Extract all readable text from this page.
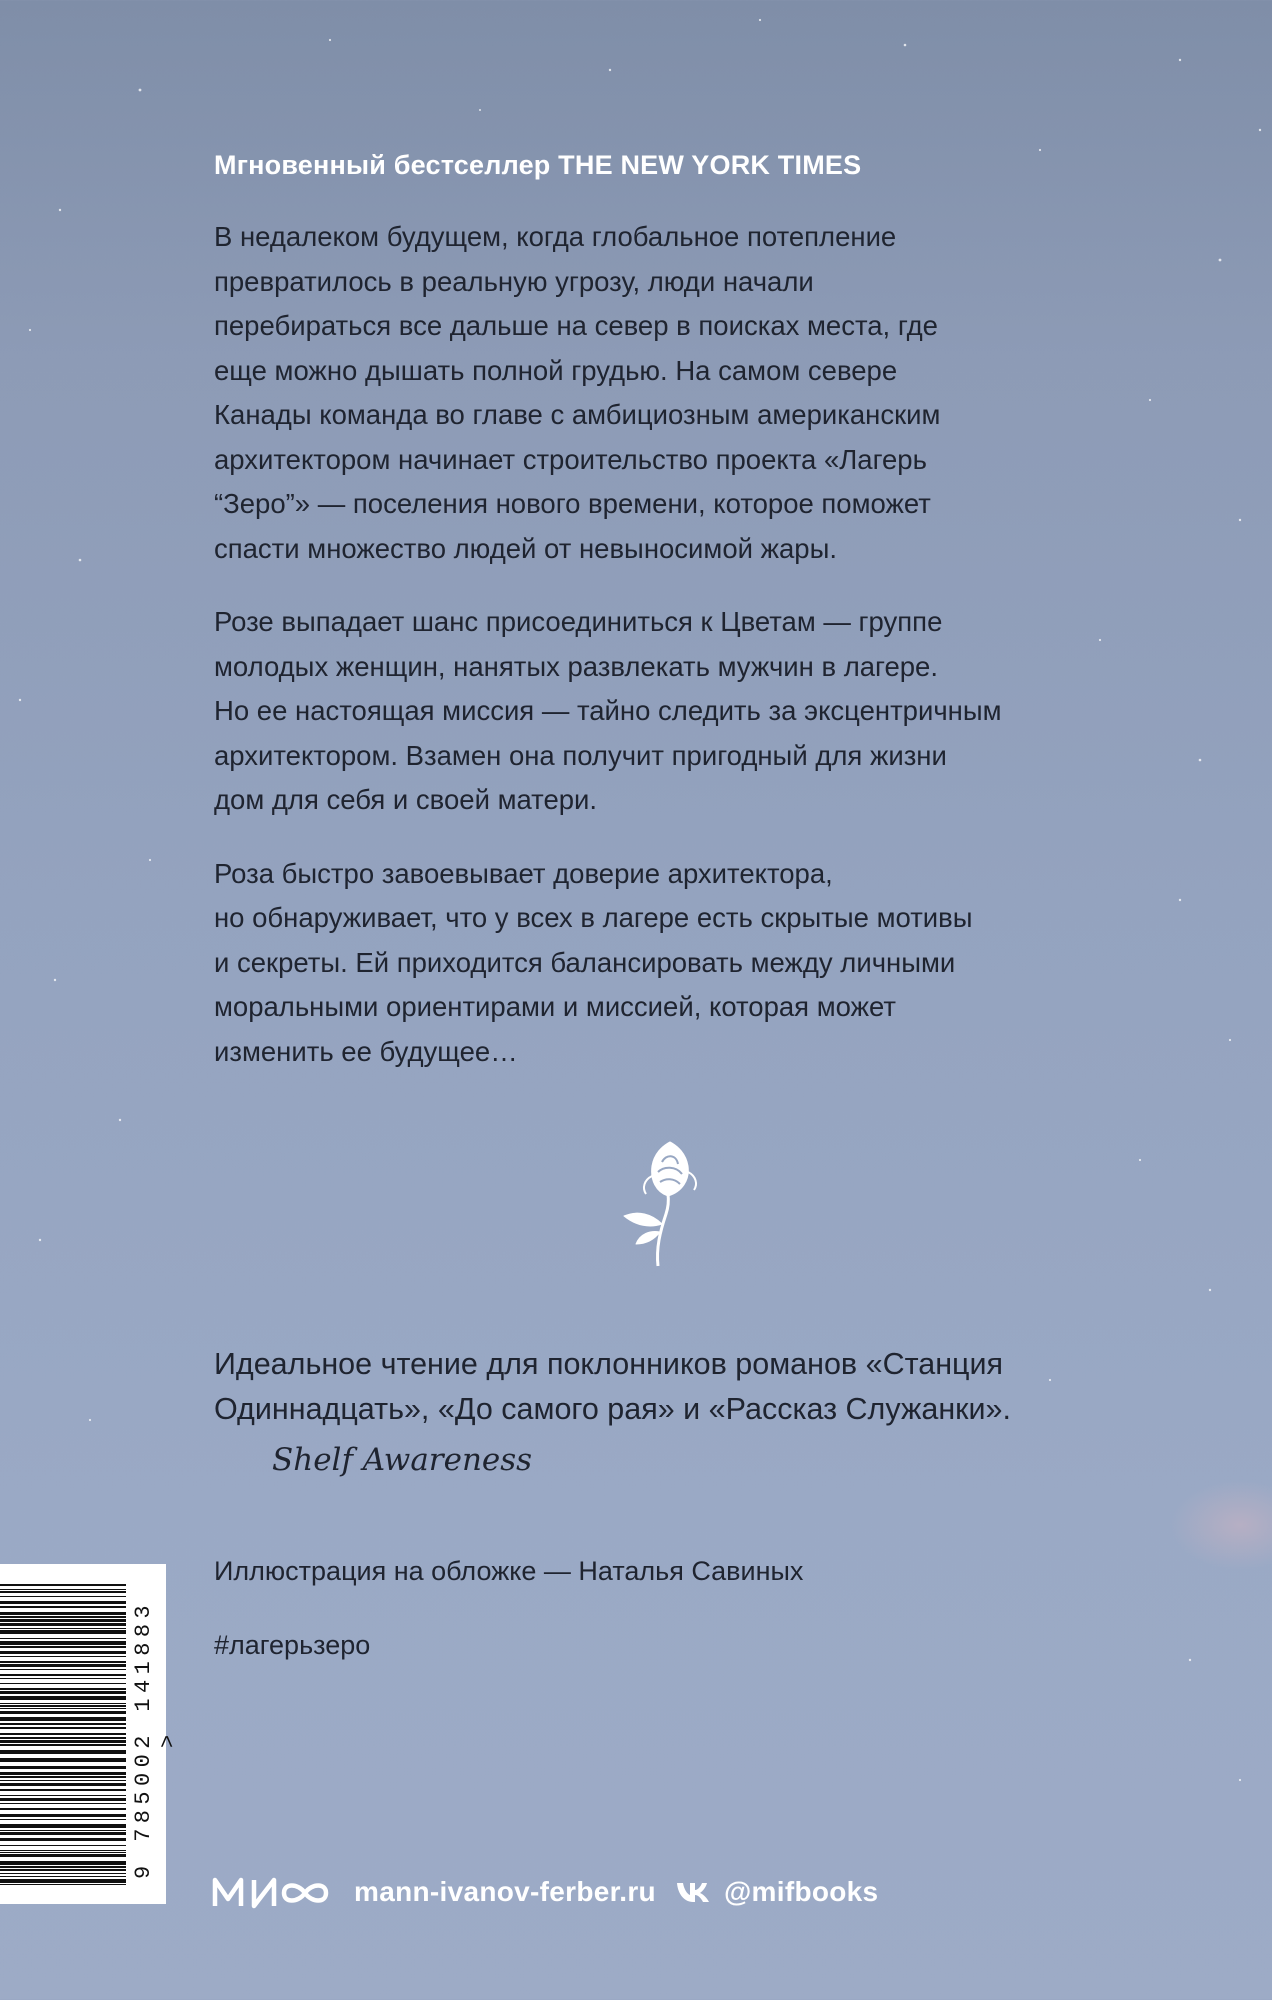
Мгновенный бестселлер THE NEW YORK TIMES

В недалеком будущем, когда глобальное потепление
превратилось в реальную угрозу, люди начали
перебираться все дальше на север в поисках места, где
еще можно дышать полной грудью. На самом севере
Канады команда во главе с амбициозным американским
архитектором начинает строительство проекта «Лагерь
“Зеро”» — поселения нового времени, которое поможет
спасти множество людей от невыносимой жары.

Розе выпадает шанс присоединиться к Цветам — группе
молодых женщин, нанятых развлекать мужчин в лагере.
Но ее настоящая миссия — тайно следить за эксцентричным
архитектором. Взамен она получит пригодный для жизни
дом для себя и своей матери.

Роза быстро завоевывает доверие архитектора,
но обнаруживает, что у всех в лагере есть скрытые мотивы
и секреты. Ей приходится балансировать между личными
моральными ориентирами и миссией, которая может
изменить ее будущее…

Идеальное чтение для поклонников романов «Станция
Одиннадцать», «До самого рая» и «Рассказ Служанки».

Shelf Awareness
Иллюстрация на обложке — Наталья Савиных
#лагерьзеро
9 785002 141883 >
mann-ivanov-ferber.ru @mifbooks
